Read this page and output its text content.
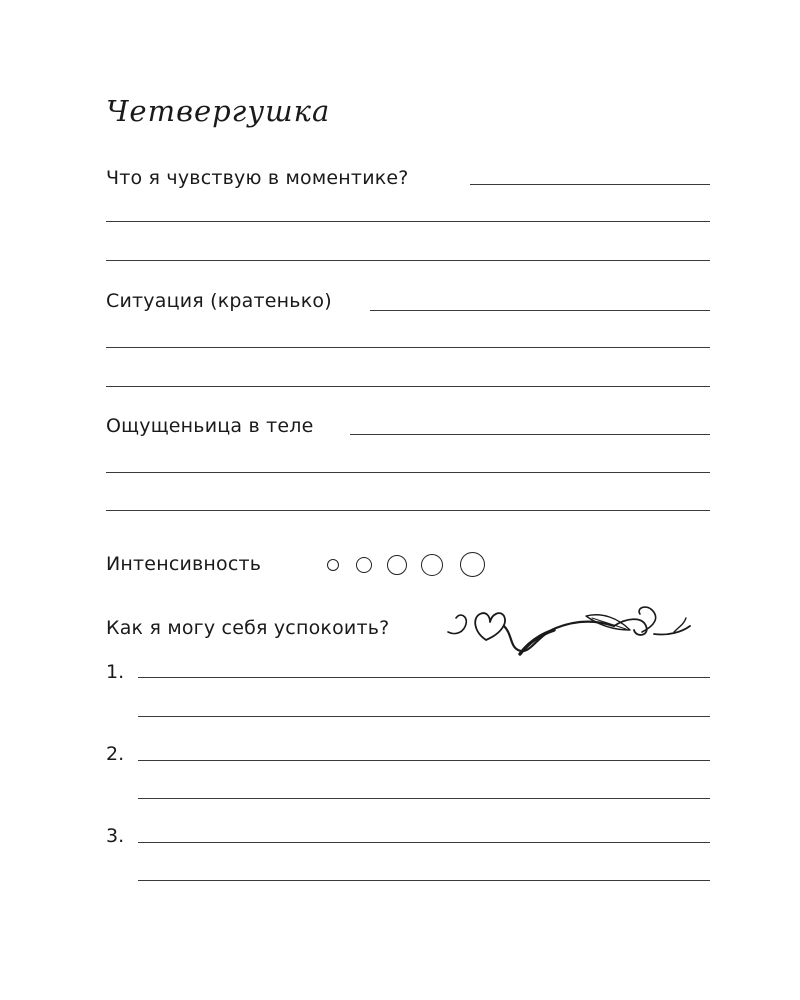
Четвергушка
Что я чувствую в моментике?
Ситуация (кратенько)
Ощущеньица в теле
Интенсивность
Как я могу себя успокоить?
1.
2.
3.
